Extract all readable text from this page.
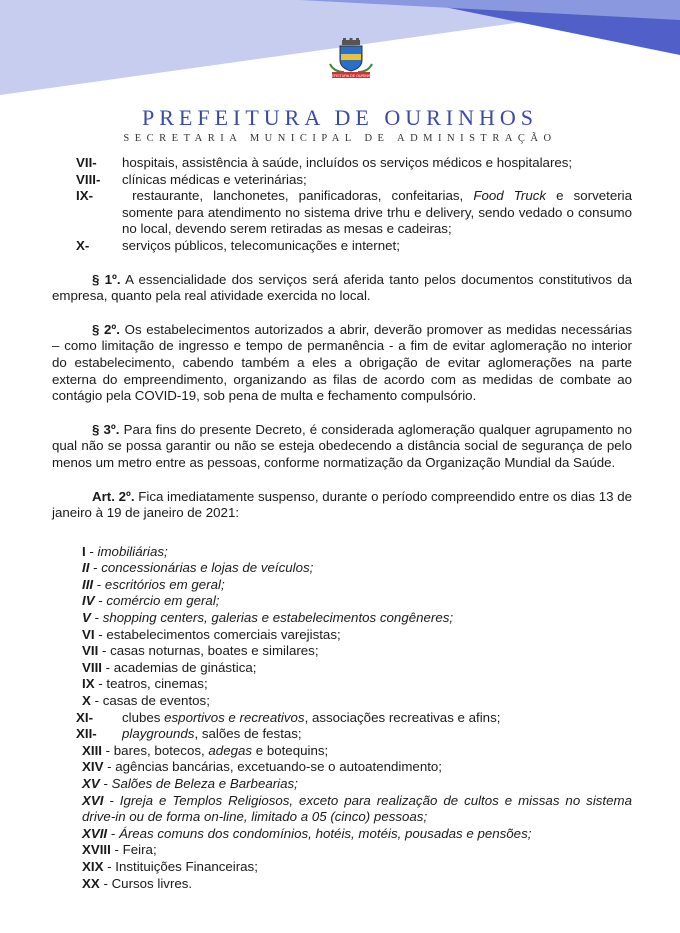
PREFEITURA DE OURINHOS
PREFEITURA DE OURINHOS
SECRETARIA MUNICIPAL DE ADMINISTRAÇÃO
VII-	hospitais, assistência à saúde, incluídos os serviços médicos e hospitalares;
VIII-	clínicas médicas e veterinárias;
IX-	restaurante, lanchonetes, panificadoras, confeitarias, Food Truck e sorveteria somente para atendimento no sistema drive trhu e delivery, sendo vedado o consumo no local, devendo serem retiradas as mesas e cadeiras;
X-	serviços públicos, telecomunicações e internet;

§ 1º. A essencialidade dos serviços será aferida tanto pelos documentos constitutivos da empresa, quanto pela real atividade exercida no local.

§ 2º. Os estabelecimentos autorizados a abrir, deverão promover as medidas necessárias – como limitação de ingresso e tempo de permanência - a fim de evitar aglomeração no interior do estabelecimento, cabendo também a eles a obrigação de evitar aglomerações na parte externa do empreendimento, organizando as filas de acordo com as medidas de combate ao contágio pela COVID-19, sob pena de multa e fechamento compulsório.

§ 3º. Para fins do presente Decreto, é considerada aglomeração qualquer agrupamento no qual não se possa garantir ou não se esteja obedecendo a distância social de segurança de pelo menos um metro entre as pessoas, conforme normatização da Organização Mundial da Saúde.

Art. 2º. Fica imediatamente suspenso, durante o período compreendido entre os dias 13 de janeiro à 19 de janeiro de 2021:

I - imobiliárias;
II - concessionárias e lojas de veículos;
III - escritórios em geral;
IV - comércio em geral;
V - shopping centers, galerias e estabelecimentos congêneres;
VI - estabelecimentos comerciais varejistas;
VII - casas noturnas, boates e similares;
VIII - academias de ginástica;
IX - teatros, cinemas;
X - casas de eventos;
XI-	clubes esportivos e recreativos, associações recreativas e afins;
XII-	playgrounds, salões de festas;
XIII - bares, botecos, adegas e botequins;
XIV - agências bancárias, excetuando-se o autoatendimento;
XV - Salões de Beleza e Barbearias;
XVI - Igreja e Templos Religiosos, exceto para realização de cultos e missas no sistema drive-in ou de forma on-line, limitado a 05 (cinco) pessoas;
XVII - Áreas comuns dos condomínios, hotéis, motéis, pousadas e pensões;
XVIII - Feira;
XIX - Instituições Financeiras;
XX - Cursos livres.
